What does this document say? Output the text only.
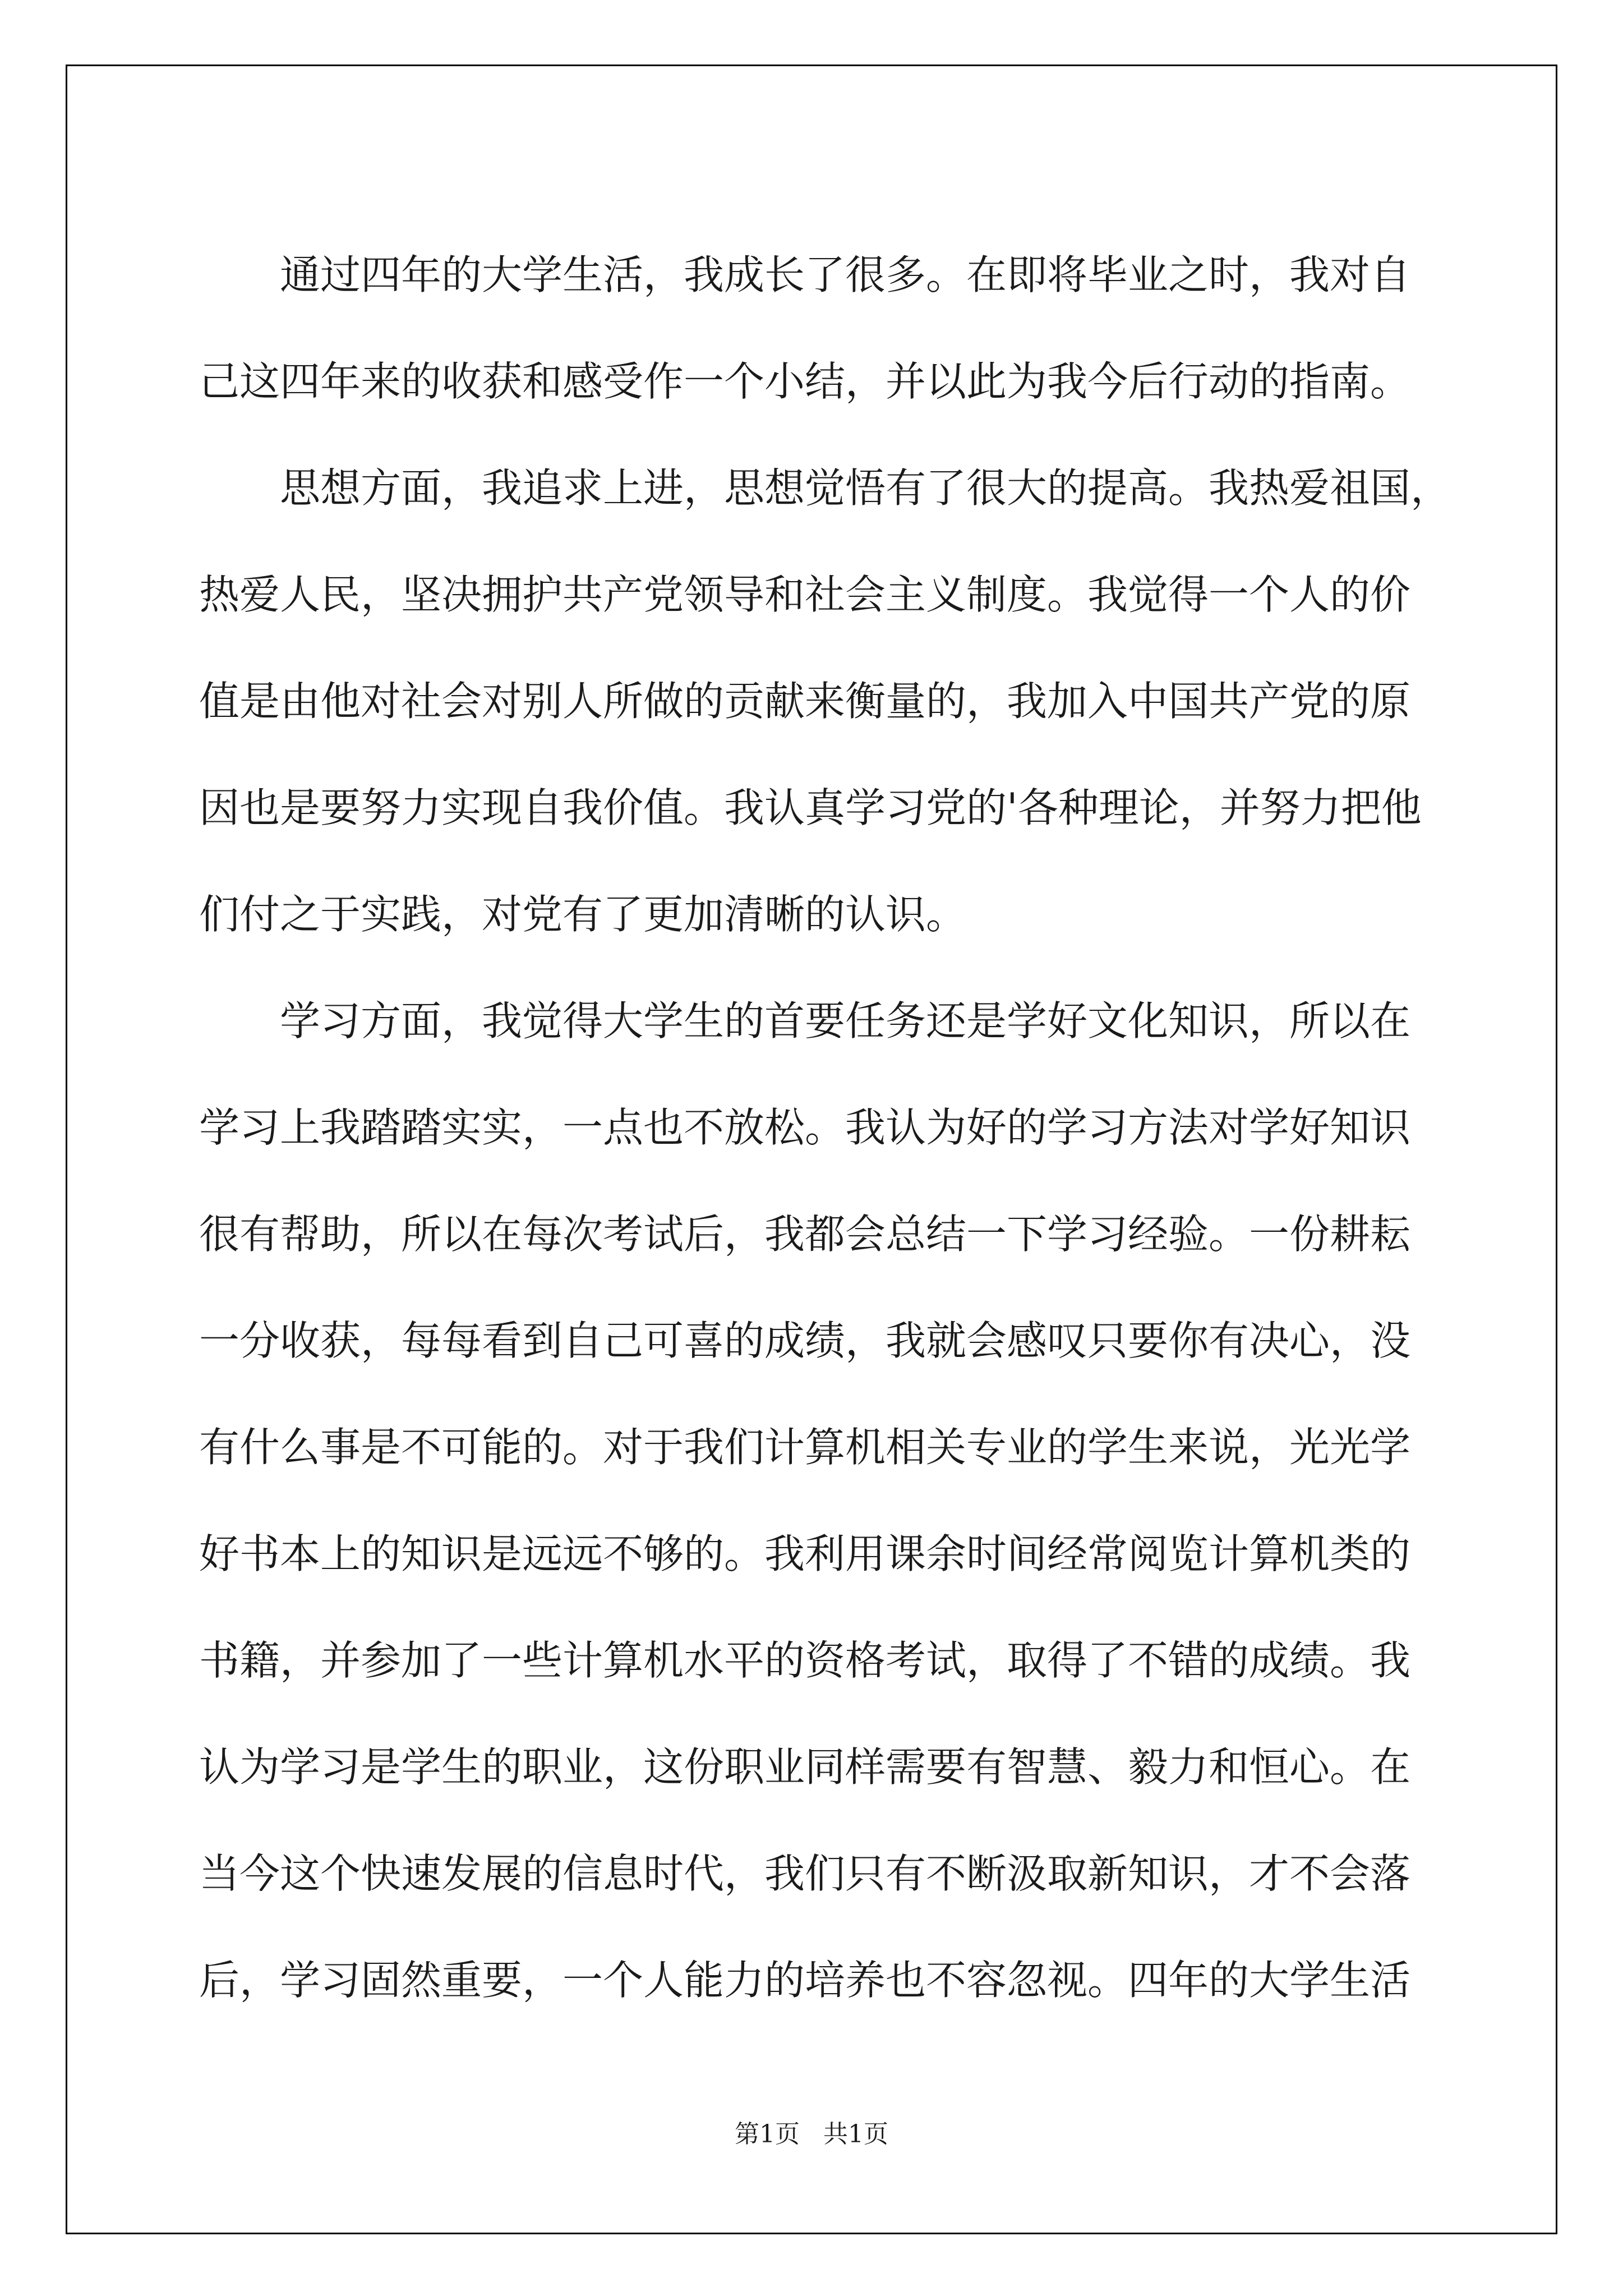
　　通过四年的大学生活，我成长了很多。在即将毕业之时，我对自
己这四年来的收获和感受作一个小结，并以此为我今后行动的指南。
　　思想方面，我追求上进，思想觉悟有了很大的提高。我热爱祖国，
热爱人民，坚决拥护共产党领导和社会主义制度。我觉得一个人的价
值是由他对社会对别人所做的贡献来衡量的，我加入中国共产党的原
因也是要努力实现自我价值。我认真学习党的'各种理论，并努力把他
们付之于实践，对党有了更加清晰的认识。
　　学习方面，我觉得大学生的首要任务还是学好文化知识，所以在
学习上我踏踏实实，一点也不放松。我认为好的学习方法对学好知识
很有帮助，所以在每次考试后，我都会总结一下学习经验。一份耕耘
一分收获，每每看到自己可喜的成绩，我就会感叹只要你有决心，没
有什么事是不可能的。对于我们计算机相关专业的学生来说，光光学
好书本上的知识是远远不够的。我利用课余时间经常阅览计算机类的
书籍，并参加了一些计算机水平的资格考试，取得了不错的成绩。我
认为学习是学生的职业，这份职业同样需要有智慧、毅力和恒心。在
当今这个快速发展的信息时代，我们只有不断汲取新知识，才不会落
后，学习固然重要，一个人能力的培养也不容忽视。四年的大学生活
第1页   共1页
